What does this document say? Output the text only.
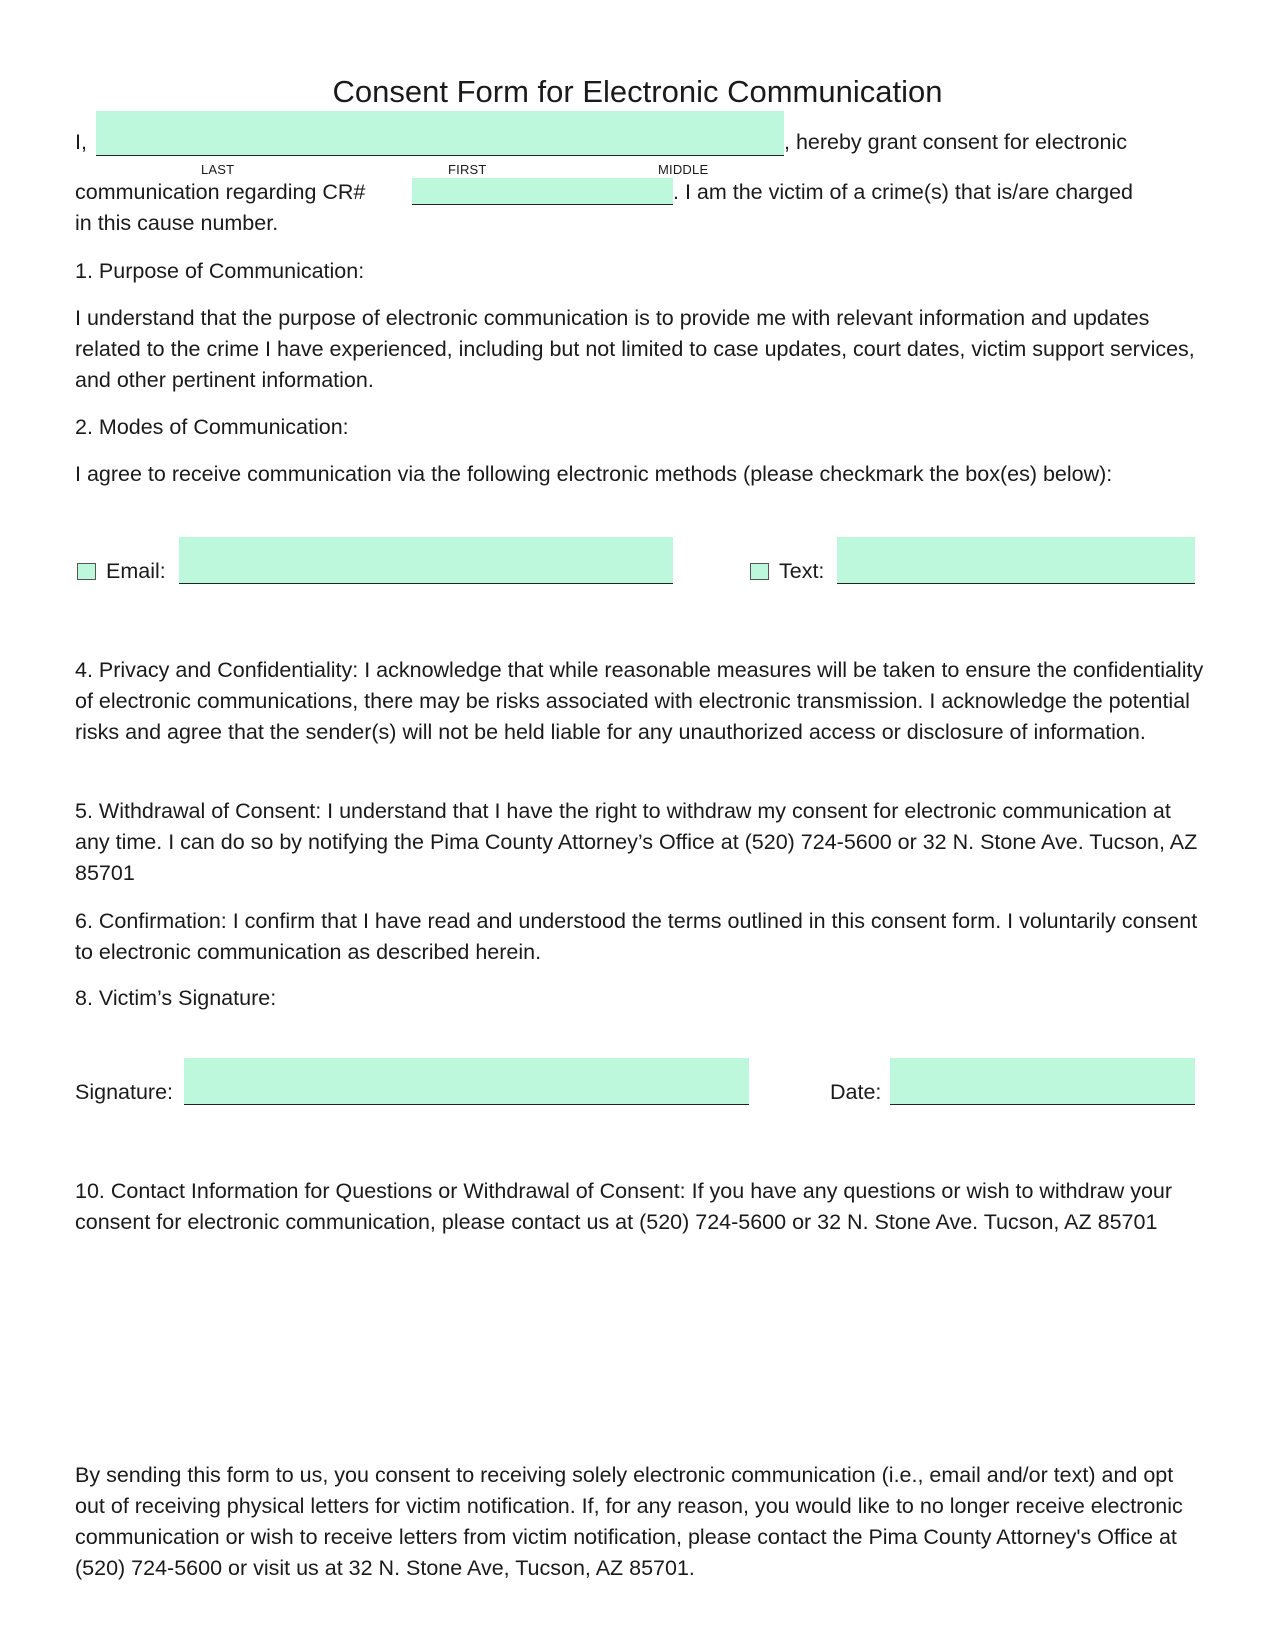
Consent Form for Electronic Communication
I,	, hereby grant consent for electronic
LAST	FIRST	MIDDLE
communication regarding CR#	. I am the victim of a crime(s) that is/are charged
in this cause number.
1. Purpose of Communication:
I understand that the purpose of electronic communication is to provide me with relevant information and updates related to the crime I have experienced, including but not limited to case updates, court dates, victim support services, and other pertinent information.
2. Modes of Communication:
I agree to receive communication via the following electronic methods (please checkmark the box(es) below):
Email:	Text:
4. Privacy and Confidentiality: I acknowledge that while reasonable measures will be taken to ensure the confidentiality of electronic communications, there may be risks associated with electronic transmission. I acknowledge the potential risks and agree that the sender(s) will not be held liable for any unauthorized access or disclosure of information.
5. Withdrawal of Consent: I understand that I have the right to withdraw my consent for electronic communication at any time. I can do so by notifying the Pima County Attorney’s Office at (520) 724-5600 or 32 N. Stone Ave. Tucson, AZ 85701
6. Confirmation: I confirm that I have read and understood the terms outlined in this consent form. I voluntarily consent to electronic communication as described herein.
8. Victim’s Signature:
Signature:	Date:
10. Contact Information for Questions or Withdrawal of Consent: If you have any questions or wish to withdraw your consent for electronic communication, please contact us at (520) 724-5600 or 32 N. Stone Ave. Tucson, AZ 85701
By sending this form to us, you consent to receiving solely electronic communication (i.e., email and/or text) and opt out of receiving physical letters for victim notification. If, for any reason, you would like to no longer receive electronic communication or wish to receive letters from victim notification, please contact the Pima County Attorney's Office at (520) 724-5600 or visit us at 32 N. Stone Ave, Tucson, AZ 85701.
